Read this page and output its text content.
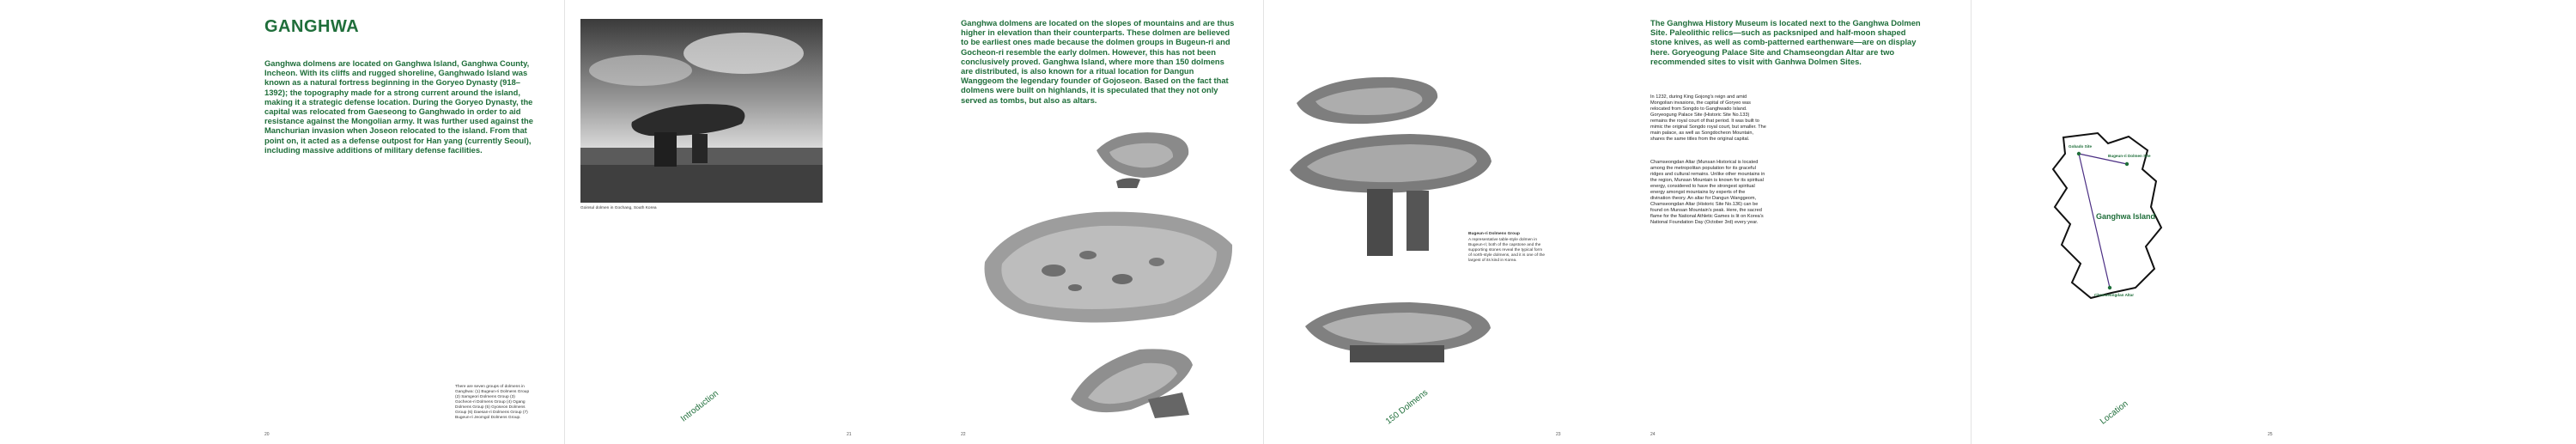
GANGHWA

Ganghwa dolmens are located on Ganghwa Island, Ganghwa County, Incheon. With its cliffs and rugged shoreline, Ganghwado Island was known as a natural fortress beginning in the Goryeo Dynasty (918–1392); the topography made for a strong current around the island, making it a strategic defense location. During the Goryeo Dynasty, the capital was relocated from Gaeseong to Ganghwado in order to aid resistance against the Mongolian army. It was further used against the Manchurian invasion when Joseon relocated to the island. From that point on, it acted as a defense outpost for Han yang (currently Seoul), including massive additions of military defense facilities.

There are seven groups of dolmens in Ganghwa: (1) Bugeun-ri Dolmens Group (2) Samgeori Dolmens Group (3) Gocheon-ri Dolmens Group (4) Ogang Dolmens Group (5) Gyoseon Dolmens Group (6) Daesan-ri Dolmens Group (7) Bugeun-ri Jeomgol Dolmens Group.

20

Goinsul dolmen in Gochang, South Korea

Introduction
21

Ganghwa dolmens are located on the slopes of mountains and are thus higher in elevation than their counterparts. These dolmen are believed to be earliest ones made because the dolmen groups in Bugeun-ri and Gocheon-ri resemble the early dolmen. However, this has not been conclusively proved. Ganghwa Island, where more than 150 dolmens are distributed, is also known for a ritual location for Dangun Wanggeom the legendary founder of Gojoseon. Based on the fact that dolmens were built on highlands, it is speculated that they not only served as tombs, but also as altars.

22

Bugeun-ri Dolmens Group

A representative table-style dolmen in Bugeun-ri; both of the capstone and the supporting stones reveal the typical form of north-style dolmens, and it is one of the largest of its kind in Korea.

150 Dolmens
23

The Ganghwa History Museum is located next to the Ganghwa Dolmen Site. Paleolithic relics—such as packsniped and half-moon shaped stone knives, as well as comb-patterned earthenware—are on display here. Goryeogung Palace Site and Chamseongdan Altar are two recommended sites to visit with Ganhwa Dolmen Sites.

In 1232, during King Gojong's reign and amid Mongolian invasions, the capital of Goryeo was relocated from Songdo to Ganghwado Island. Goryeogung Palace Site (Historic Site No.133) remains the royal court of that period. It was built to mimic the original Songdo royal court, but smaller. The main palace, as well as Songdocheon Mountain, shares the same titles from the original capital.

Chamseongdan Altar (Munsan Historical is located among the metropolitan population for its graceful ridges and cultural remains. Unlike other mountains in the region, Munsan Mountain is known for its spiritual energy, considered to have the strongest spiritual energy amongst mountains by experts of the divination theory. An altar for Dangun Wanggeom, Chamseongdan Altar (Historic Site No.136) can be found on Munsan Mountain's peak. Here, the sacred flame for the National Athletic Games is lit on Korea's National Foundation Day (October 3rd) every year.

24
Gobado Site
Bugeun-ri Dolmen Site
Ganghwa Island
Chamseongdan Altar
Location
25
